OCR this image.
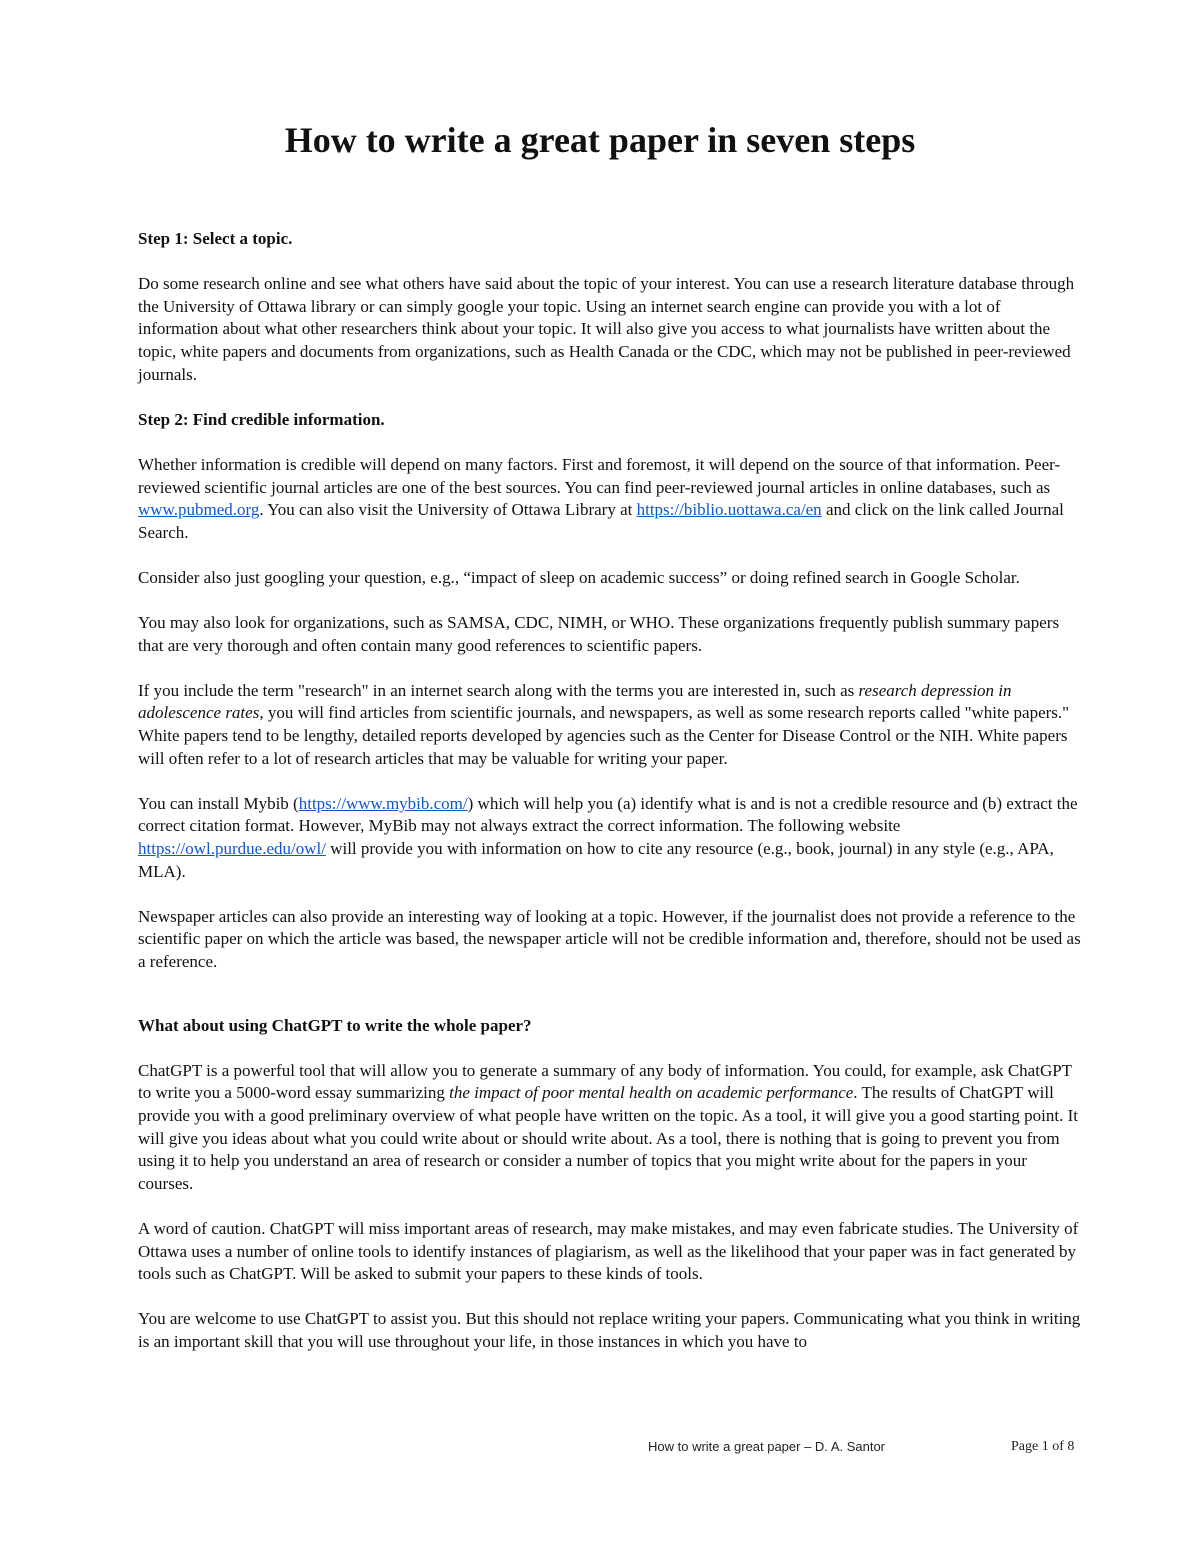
How to write a great paper in seven steps
Step 1: Select a topic.

Do some research online and see what others have said about the topic of your interest. You can use a research literature database through the University of Ottawa library or can simply google your topic. Using an internet search engine can provide you with a lot of information about what other researchers think about your topic. It will also give you access to what journalists have written about the topic, white papers and documents from organizations, such as Health Canada or the CDC, which may not be published in peer-reviewed journals.

Step 2: Find credible information.

Whether information is credible will depend on many factors. First and foremost, it will depend on the source of that information. Peer-reviewed scientific journal articles are one of the best sources. You can find peer-reviewed journal articles in online databases, such as www.pubmed.org. You can also visit the University of Ottawa Library at https://biblio.uottawa.ca/en and click on the link called Journal Search.

Consider also just googling your question, e.g., “impact of sleep on academic success” or doing refined search in Google Scholar.

You may also look for organizations, such as SAMSA, CDC, NIMH, or WHO. These organizations frequently publish summary papers that are very thorough and often contain many good references to scientific papers.

If you include the term "research" in an internet search along with the terms you are interested in, such as research depression in adolescence rates, you will find articles from scientific journals, and newspapers, as well as some research reports called "white papers." White papers tend to be lengthy, detailed reports developed by agencies such as the Center for Disease Control or the NIH. White papers will often refer to a lot of research articles that may be valuable for writing your paper.

You can install Mybib (https://www.mybib.com/) which will help you (a) identify what is and is not a credible resource and (b) extract the correct citation format. However, MyBib may not always extract the correct information. The following website https://owl.purdue.edu/owl/ will provide you with information on how to cite any resource (e.g., book, journal) in any style (e.g., APA, MLA).

Newspaper articles can also provide an interesting way of looking at a topic. However, if the journalist does not provide a reference to the scientific paper on which the article was based, the newspaper article will not be credible information and, therefore, should not be used as a reference.

What about using ChatGPT to write the whole paper?

ChatGPT is a powerful tool that will allow you to generate a summary of any body of information. You could, for example, ask ChatGPT to write you a 5000-word essay summarizing the impact of poor mental health on academic performance. The results of ChatGPT will provide you with a good preliminary overview of what people have written on the topic. As a tool, it will give you a good starting point. It will give you ideas about what you could write about or should write about. As a tool, there is nothing that is going to prevent you from using it to help you understand an area of research or consider a number of topics that you might write about for the papers in your courses.

A word of caution. ChatGPT will miss important areas of research, may make mistakes, and may even fabricate studies. The University of Ottawa uses a number of online tools to identify instances of plagiarism, as well as the likelihood that your paper was in fact generated by tools such as ChatGPT. Will be asked to submit your papers to these kinds of tools.

You are welcome to use ChatGPT to assist you. But this should not replace writing your papers. Communicating what you think in writing is an important skill that you will use throughout your life, in those instances in which you have to

How to write a great paper – D. A. Santor	Page 1 of 8
